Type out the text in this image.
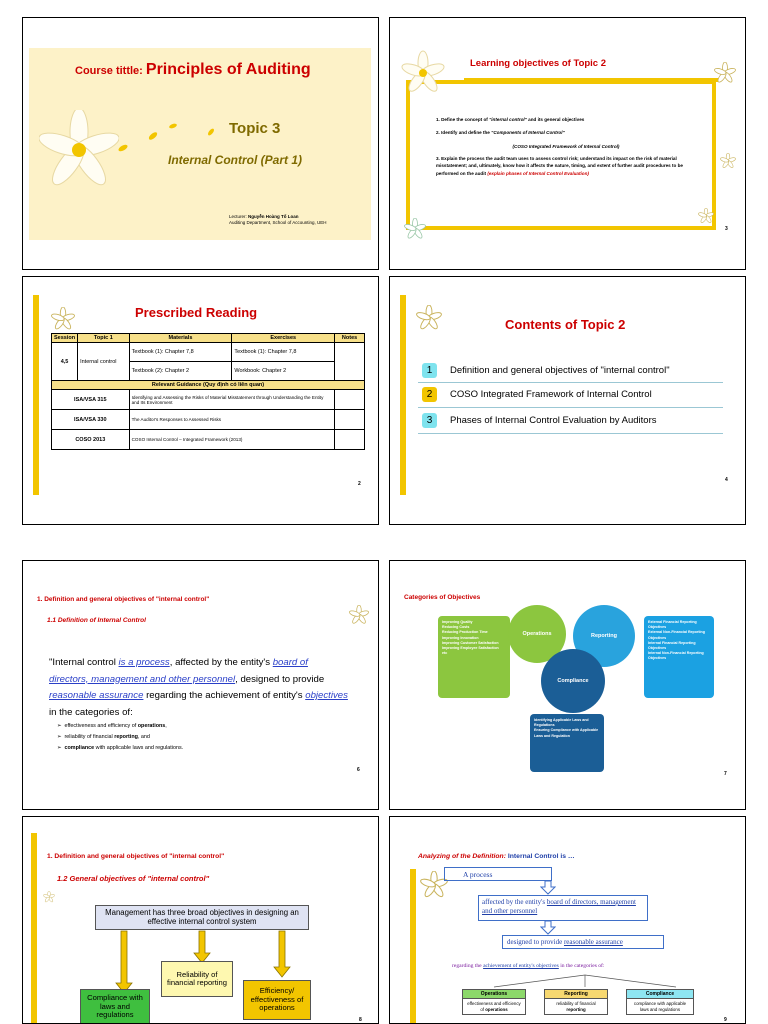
Course tittle: Principles of Auditing
Topic 3
Internal Control (Part 1)
Lecturer: Nguyễn Hoàng Tố Loan
Auditing Department, School of Accounting, UEH
Learning objectives of Topic 2
1. Define the concept of "internal control" and its general objectives
2. Identify and define the "Components of Internal Control"
(COSO Integrated Framework of Internal Control)
3. Explain the process the audit team uses to assess control risk; understand its impact on the risk of material misstatement; and, ultimately, know how it affects the nature, timing, and extent of further audit procedures to be performed on the audit (explain phases of Internal Control Evaluation)
3
Prescribed Reading
Session	Topic 1	Materials	Exercises	Notes
4,5	Internal control	Textbook (1): Chapter 7,8	Textbook (1): Chapter 7,8	
		Textbook (2): Chapter 2	Workbook: Chapter 2	
Relevant Guidance (Quy định có liên quan)				
ISA/VSA 315		Identifying and Assessing the Risks of Material Misstatement through Understanding the Entity and Its Environment		
ISA/VSA 330		The Auditor's Responses to Assessed Risks		
COSO 2013		COSO Internal Control – Integrated Framework (2013)		
2
Contents of Topic 2
1	Definition and general objectives of "internal control"
2	COSO Integrated Framework of Internal Control
3	Phases of Internal Control Evaluation by Auditors
4
1. Definition and general objectives of "internal control"
1.1 Definition of Internal Control
"Internal control is a process, affected by the entity's board of directors, management and other personnel, designed to provide reasonable assurance regarding the achievement of entity's objectives in the categories of:
➢  effectiveness and efficiency of operations,
➢  reliability of financial reporting, and
➢  compliance with applicable laws and regulations.
6
Categories of Objectives
Improving Quality
Reducing Costs
Reducing Production Time
Improving Innovation
Improving Customer Satisfaction
Improving Employee Satisfaction
etc
External Financial Reporting Objectives
External Non-Financial Reporting Objectives
Internal Financial Reporting Objectives
Internal Non-Financial Reporting Objectives
Identifying Applicable Laws and Regulations
Ensuring Compliance with Applicable Laws and Regulation
Operations	Reporting
Compliance
7
1. Definition and general objectives of "internal control"
1.2 General objectives of "internal control"
Management has three broad objectives in designing an effective internal control system
Reliability of financial reporting
Compliance with laws and regulations
Efficiency/ effectiveness of operations
8
Analyzing of the Definition: Internal Control is …
A process
affected by the entity's board of directors, management and other personnel
designed to provide reasonable assurance
regarding the achievement of entity's objectives in the categories of:
Operations
effectiveness and efficiency of operations
Reporting
reliability of financial reporting
Compliance
compliance with applicable laws and regulations
9
